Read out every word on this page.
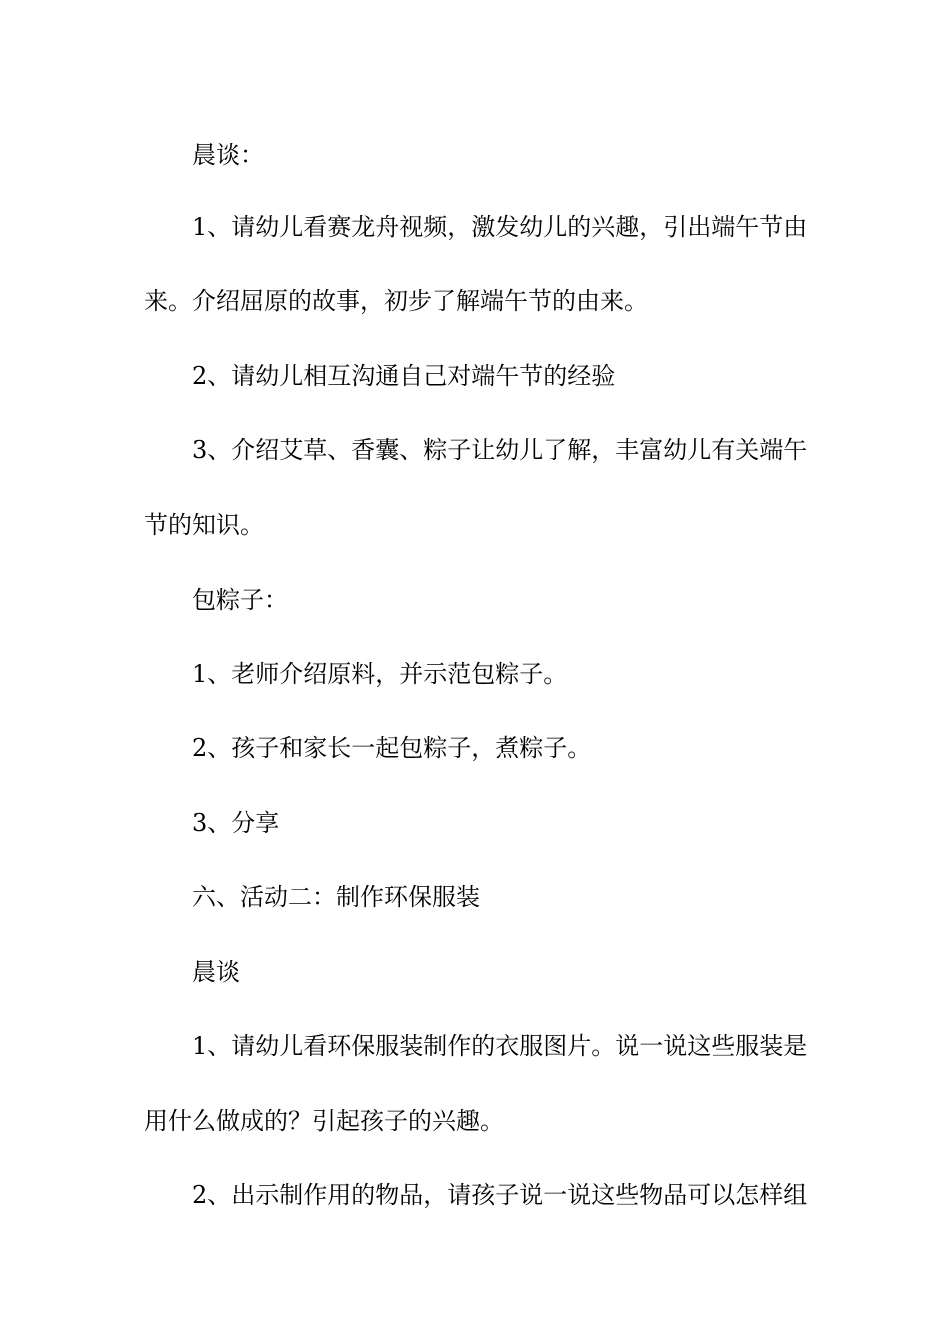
晨谈：
1、请幼儿看赛龙舟视频，激发幼儿的兴趣，引出端午节由
来。介绍屈原的故事，初步了解端午节的由来。
2、请幼儿相互沟通自己对端午节的经验
3、介绍艾草、香囊、粽子让幼儿了解，丰富幼儿有关端午
节的知识。
包粽子：
1、老师介绍原料，并示范包粽子。
2、孩子和家长一起包粽子，煮粽子。
3、分享
六、活动二：制作环保服装
晨谈
1、请幼儿看环保服装制作的衣服图片。说一说这些服装是
用什么做成的？引起孩子的兴趣。
2、出示制作用的物品，请孩子说一说这些物品可以怎样组
